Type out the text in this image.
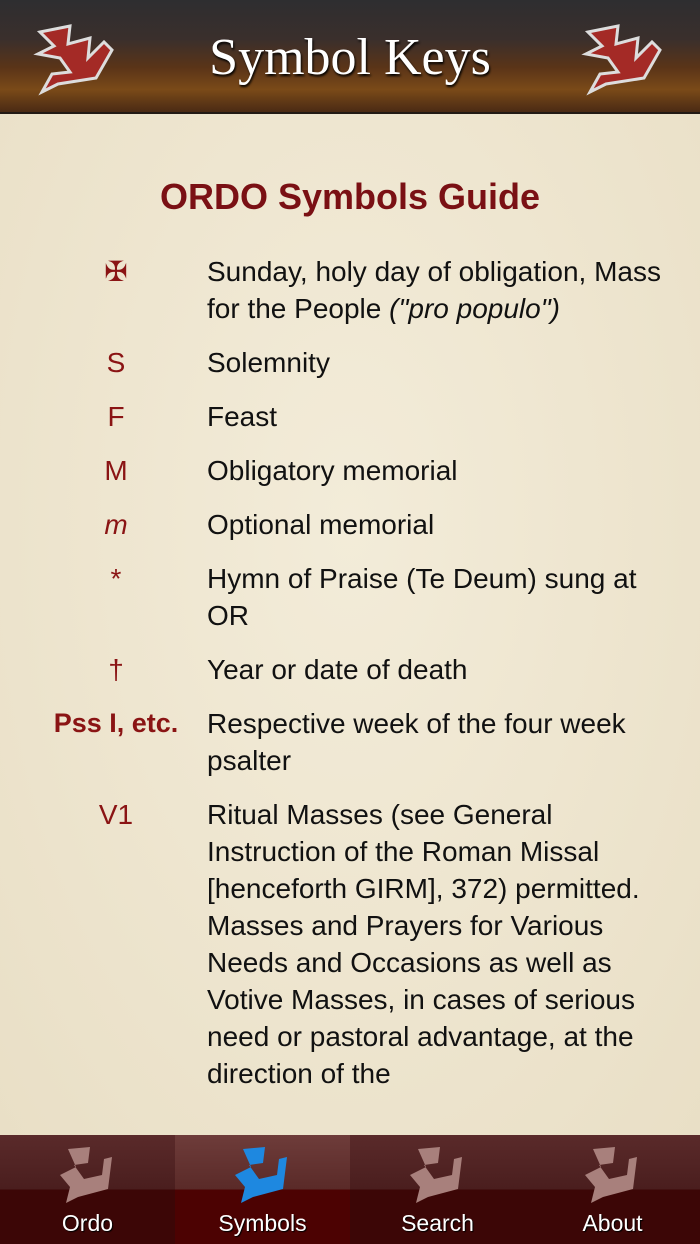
Symbol Keys
ORDO Symbols Guide
✠	Sunday, holy day of obligation, Mass for the People ("pro populo")
S	Solemnity
F	Feast
M	Obligatory memorial
m	Optional memorial
*	Hymn of Praise (Te Deum) sung at OR
†	Year or date of death
Pss I, etc.	Respective week of the four week psalter
V1	Ritual Masses (see General Instruction of the Roman Missal [henceforth GIRM], 372) permitted. Masses and Prayers for Various Needs and Occasions as well as Votive Masses, in cases of serious need or pastoral advantage, at the direction of the
Ordo	Symbols	Search	About
